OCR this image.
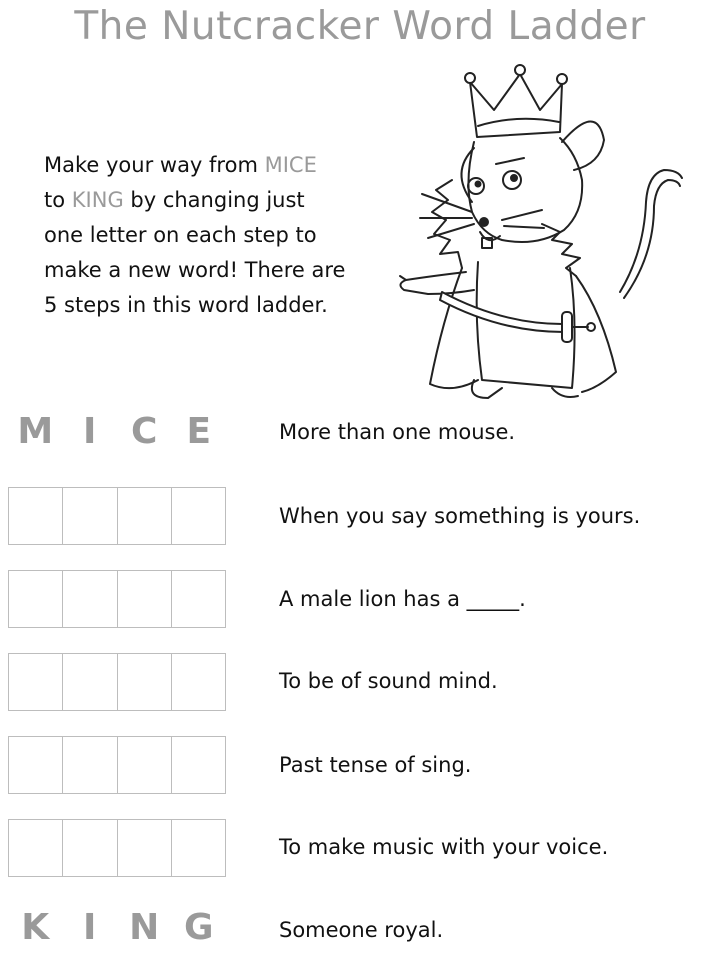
The Nutcracker Word Ladder
Make your way from MICE
to KING by changing just
one letter on each step to
make a new word! There are
5 steps in this word ladder.
M I C E	More than one mouse.
When you say something is yours.
A male lion has a _____.
To be of sound mind.
Past tense of sing.
To make music with your voice.
K I N G	Someone royal.
